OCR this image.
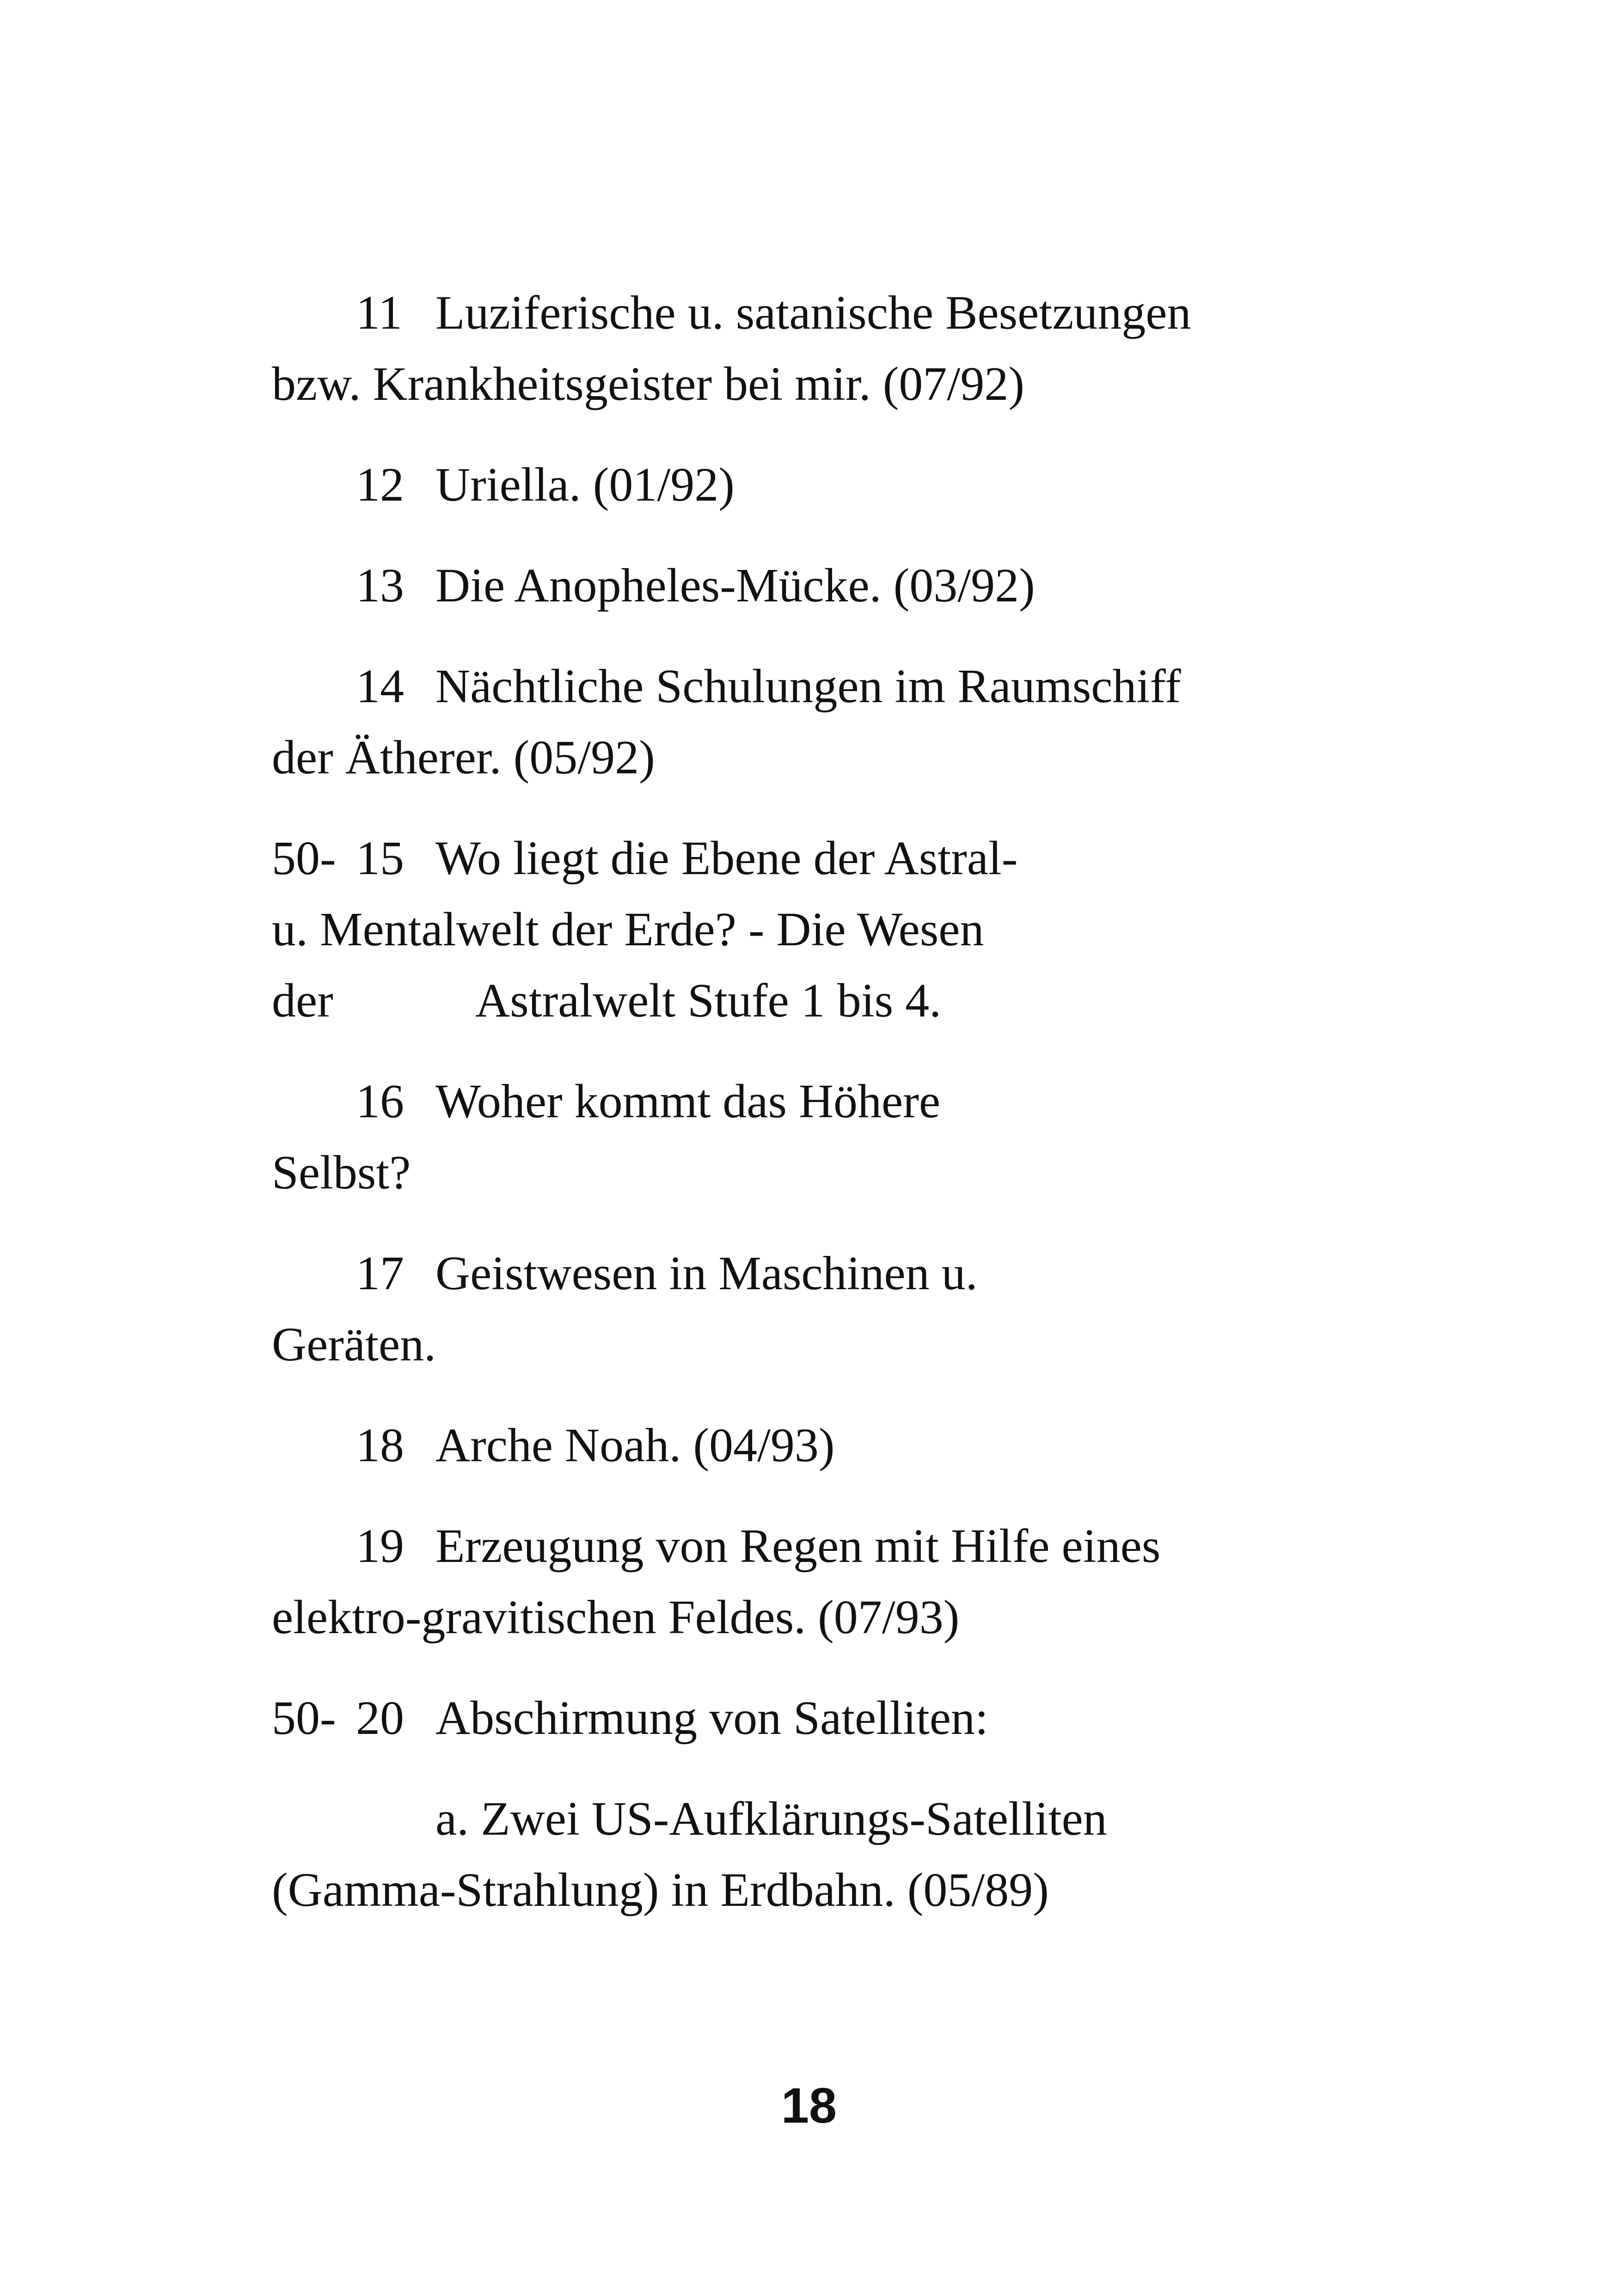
11 Luziferische u. satanische Besetzungen
bzw. Krankheitsgeister bei mir. (07/92)
12 Uriella. (01/92)
13 Die Anopheles-Mücke. (03/92)
14 Nächtliche Schulungen im Raumschiff
der Ätherer. (05/92)
50- 15 Wo liegt die Ebene der Astral-
u. Mentalwelt der Erde? - Die Wesen
der	Astralwelt Stufe 1 bis 4.
16 Woher kommt das Höhere
Selbst?
17 Geistwesen in Maschinen u.
Geräten.
18 Arche Noah. (04/93)
19 Erzeugung von Regen mit Hilfe eines
elektro-gravitischen Feldes. (07/93)
50- 20 Abschirmung von Satelliten:
a. Zwei US-Aufklärungs-Satelliten
(Gamma-Strahlung) in Erdbahn. (05/89)
18
